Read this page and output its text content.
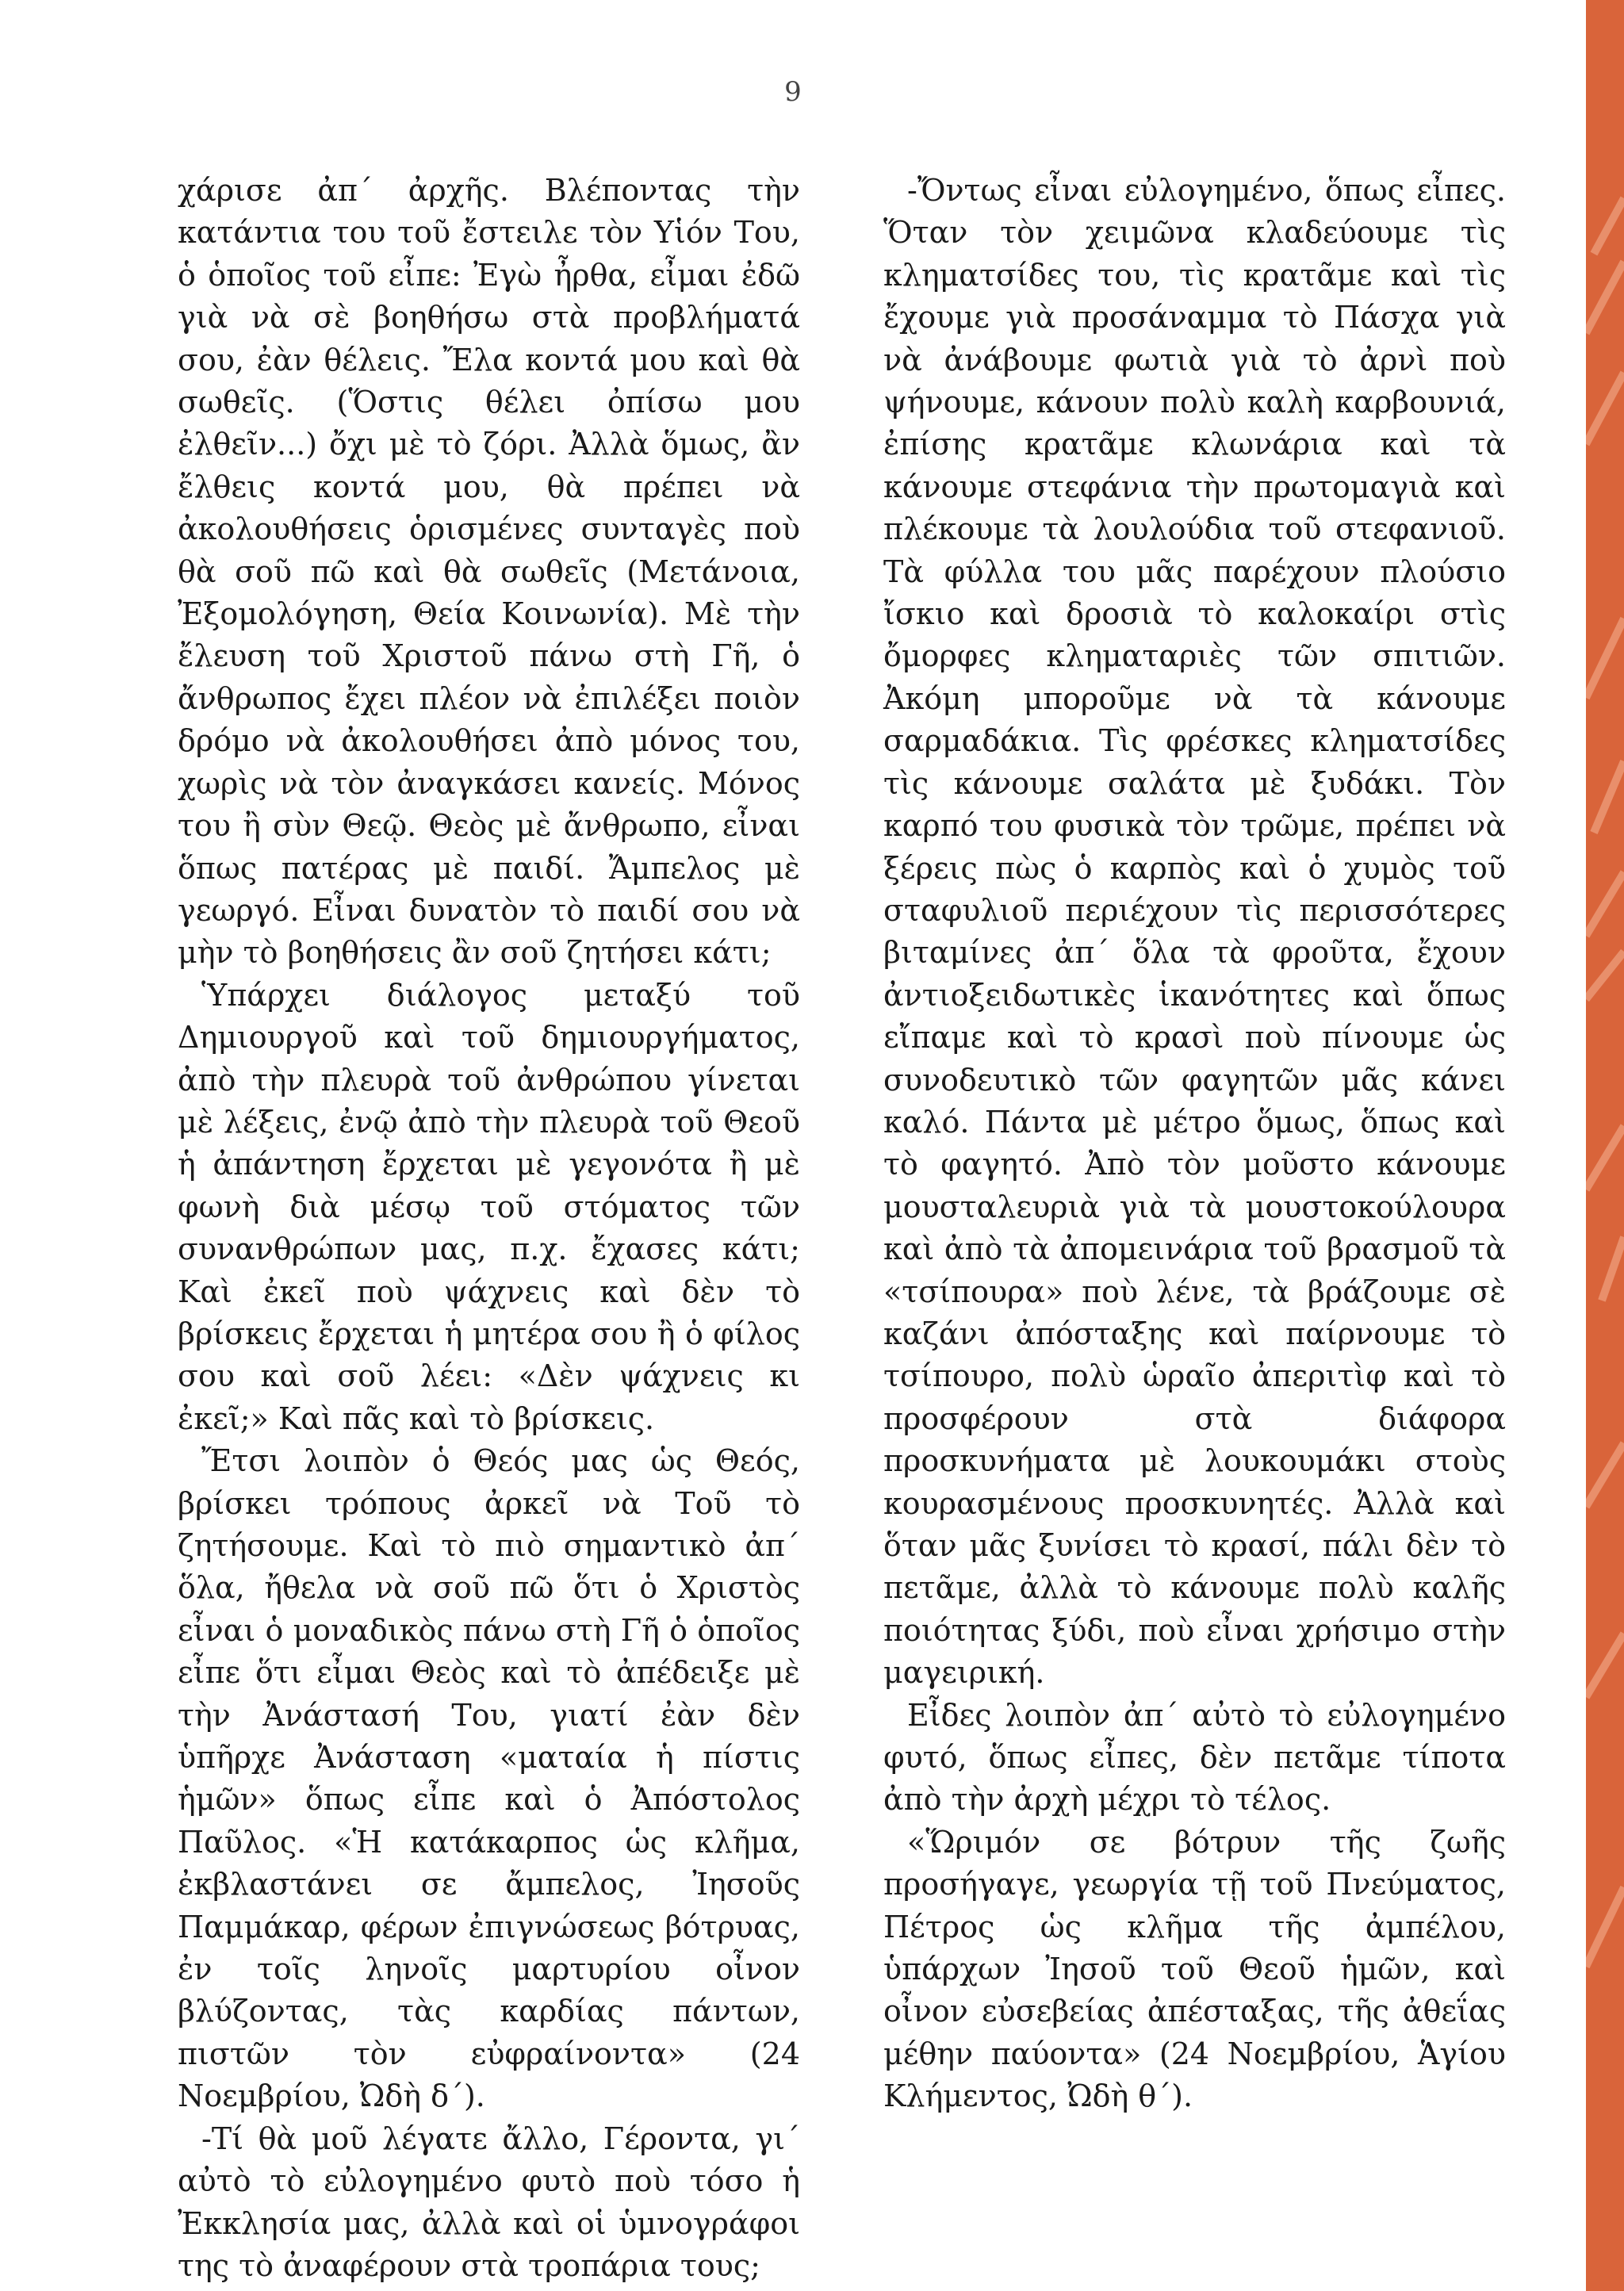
9

χάρισε ἀπ΄ ἀρχῆς. Βλέποντας τὴν κατάντια του τοῦ ἔστειλε τὸν Υἱόν Του, ὁ ὁποῖος τοῦ εἶπε: Ἐγὼ ἦρθα, εἶμαι ἐδῶ γιὰ νὰ σὲ βοηθήσω στὰ προβλήματά σου, ἐὰν θέλεις. Ἔλα κοντά μου καὶ θὰ σωθεῖς. (Ὅστις θέλει ὀπίσω μου ἐλθεῖν...) ὄχι μὲ τὸ ζόρι. Ἀλλὰ ὅμως, ἂν ἔλθεις κοντά μου, θὰ πρέπει νὰ ἀκολουθήσεις ὁρισμένες συνταγὲς ποὺ θὰ σοῦ πῶ καὶ θὰ σωθεῖς (Μετάνοια, Ἐξομολόγηση, Θεία Κοινωνία). Μὲ τὴν ἔλευση τοῦ Χριστοῦ πάνω στὴ Γῆ, ὁ ἄνθρωπος ἔχει πλέον νὰ ἐπιλέξει ποιὸν δρόμο νὰ ἀκολουθήσει ἀπὸ μόνος του, χωρὶς νὰ τὸν ἀναγκάσει κανείς. Μόνος του ἢ σὺν Θεῷ. Θεὸς μὲ ἄνθρωπο, εἶναι ὅπως πατέρας μὲ παιδί. Ἄμπελος μὲ γεωργό. Εἶναι δυνατὸν τὸ παιδί σου νὰ μὴν τὸ βοηθήσεις ἂν σοῦ ζητήσει κάτι;

Ὑπάρχει διάλογος μεταξύ τοῦ Δημιουργοῦ καὶ τοῦ δημιουργήματος, ἀπὸ τὴν πλευρὰ τοῦ ἀνθρώπου γίνεται μὲ λέξεις, ἐνῷ ἀπὸ τὴν πλευρὰ τοῦ Θεοῦ ἡ ἀπάντηση ἔρχεται μὲ γεγονότα ἢ μὲ φωνὴ διὰ μέσῳ τοῦ στόματος τῶν συνανθρώπων μας, π.χ. ἔχασες κάτι; Καὶ ἐκεῖ ποὺ ψάχνεις καὶ δὲν τὸ βρίσκεις ἔρχεται ἡ μητέρα σου ἢ ὁ φίλος σου καὶ σοῦ λέει: «Δὲν ψάχνεις κι ἐκεῖ;» Καὶ πᾶς καὶ τὸ βρίσκεις.

Ἔτσι λοιπὸν ὁ Θεός μας ὡς Θεός, βρίσκει τρόπους ἀρκεῖ νὰ Τοῦ τὸ ζητήσουμε. Καὶ τὸ πιὸ σημαντικὸ ἀπ΄ ὅλα, ἤθελα νὰ σοῦ πῶ ὅτι ὁ Χριστὸς εἶναι ὁ μοναδικὸς πάνω στὴ Γῆ ὁ ὁποῖος εἶπε ὅτι εἶμαι Θεὸς καὶ τὸ ἀπέδειξε μὲ τὴν Ἀνάστασή Του, γιατί ἐὰν δὲν ὑπῆρχε Ἀνάσταση «ματαία ἡ πίστις ἡμῶν» ὅπως εἶπε καὶ ὁ Ἀπόστολος Παῦλος. «Ἡ κατάκαρπος ὡς κλῆμα, ἐκβλαστάνει σε ἄμπελος, Ἰησοῦς Παμμάκαρ, φέρων ἐπιγνώσεως βότρυας, ἐν τοῖς ληνοῖς μαρτυρίου οἶνον βλύζοντας, τὰς καρδίας πάντων, πιστῶν τὸν εὐφραίνοντα» (24 Νοεμβρίου, Ὠδὴ δ΄).

-Τί θὰ μοῦ λέγατε ἄλλο, Γέροντα, γι΄ αὐτὸ τὸ εὐλογημένο φυτὸ ποὺ τόσο ἡ Ἐκκλησία μας, ἀλλὰ καὶ οἱ ὑμνογράφοι της τὸ ἀναφέρουν στὰ τροπάρια τους;

-Ὄντως εἶναι εὐλογημένο, ὅπως εἶπες. Ὅταν τὸν χειμῶνα κλαδεύουμε τὶς κληματσίδες του, τὶς κρατᾶμε καὶ τὶς ἔχουμε γιὰ προσάναμμα τὸ Πάσχα γιὰ νὰ ἀνάβουμε φωτιὰ γιὰ τὸ ἀρνὶ ποὺ ψήνουμε, κάνουν πολὺ καλὴ καρβουνιά, ἐπίσης κρατᾶμε κλωνάρια καὶ τὰ κάνουμε στεφάνια τὴν πρωτομαγιὰ καὶ πλέκουμε τὰ λουλούδια τοῦ στεφανιοῦ. Τὰ φύλλα του μᾶς παρέχουν πλούσιο ἴσκιο καὶ δροσιὰ τὸ καλοκαίρι στὶς ὄμορφες κληματαριὲς τῶν σπιτιῶν. Ἀκόμη μποροῦμε νὰ τὰ κάνουμε σαρμαδάκια. Τὶς φρέσκες κληματσίδες τὶς κάνουμε σαλάτα μὲ ξυδάκι. Τὸν καρπό του φυσικὰ τὸν τρῶμε, πρέπει νὰ ξέρεις πὼς ὁ καρπὸς καὶ ὁ χυμὸς τοῦ σταφυλιοῦ περιέχουν τὶς περισσότερες βιταμίνες ἀπ΄ ὅλα τὰ φροῦτα, ἔχουν ἀντιοξειδωτικὲς ἱκανότητες καὶ ὅπως εἴπαμε καὶ τὸ κρασὶ ποὺ πίνουμε ὡς συνοδευτικὸ τῶν φαγητῶν μᾶς κάνει καλό. Πάντα μὲ μέτρο ὅμως, ὅπως καὶ τὸ φαγητό. Ἀπὸ τὸν μοῦστο κάνουμε μουσταλευριὰ γιὰ τὰ μουστοκούλουρα καὶ ἀπὸ τὰ ἀπομεινάρια τοῦ βρασμοῦ τὰ «τσίπουρα» ποὺ λένε, τὰ βράζουμε σὲ καζάνι ἀπόσταξης καὶ παίρνουμε τὸ τσίπουρο, πολὺ ὡραῖο ἀπεριτὶφ καὶ τὸ προσφέρουν στὰ διάφορα προσκυνήματα μὲ λουκουμάκι στοὺς κουρασμένους προσκυνητές. Ἀλλὰ καὶ ὅταν μᾶς ξυνίσει τὸ κρασί, πάλι δὲν τὸ πετᾶμε, ἀλλὰ τὸ κάνουμε πολὺ καλῆς ποιότητας ξύδι, ποὺ εἶναι χρήσιμο στὴν μαγειρική.

Εἶδες λοιπὸν ἀπ΄ αὐτὸ τὸ εὐλογημένο φυτό, ὅπως εἶπες, δὲν πετᾶμε τίποτα ἀπὸ τὴν ἀρχὴ μέχρι τὸ τέλος.

«Ὥριμόν σε βότρυν τῆς ζωῆς προσήγαγε, γεωργία τῇ τοῦ Πνεύματος, Πέτρος ὡς κλῆμα τῆς ἀμπέλου, ὑπάρχων Ἰησοῦ τοῦ Θεοῦ ἡμῶν, καὶ οἶνον εὐσεβείας ἀπέσταξας, τῆς ἀθεΐας μέθην παύοντα» (24 Νοεμβρίου, Ἁγίου Κλήμεντος, Ὠδὴ θ΄).
